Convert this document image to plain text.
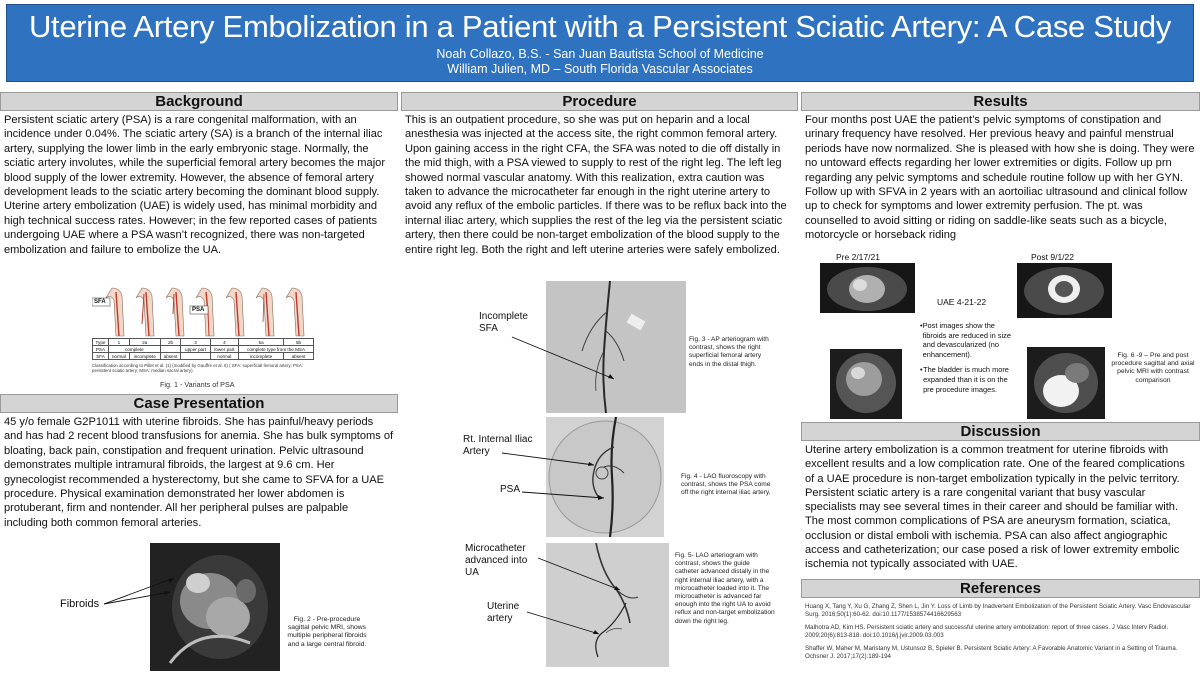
Uterine Artery Embolization in a Patient with a Persistent Sciatic Artery: A Case Study
Noah Collazo, B.S. - San Juan Bautista School of Medicine
William Julien, MD – South Florida Vascular Associates
Background
Persistent sciatic artery (PSA) is a rare congenital malformation, with an incidence under 0.04%. The sciatic artery (SA) is a branch of the internal iliac artery, supplying the lower limb in the early embryonic stage. Normally, the sciatic artery involutes, while the superficial femoral artery becomes the major blood supply of the lower extremity. However, the absence of femoral artery development leads to the sciatic artery becoming the dominant blood supply. Uterine artery embolization (UAE) is widely used, has minimal morbidity and high technical success rates. However; in the few reported cases of patients undergoing UAE where a PSA wasn’t recognized, there was non-targeted embolization and failure to embolize the UA.
SFA
PSA
Type	1	2a	2b	3	4	5a	5b
PSA	complete			upper part	lower part	complete type from the MSA	
SFA	normal	incomplete	absent		normal	incomplete	absent
Classification according to Pillet et al. (1) (modified by Gauffre et al. 5) ( SFA: superficial femoral artery; PSA: persistent sciatic artery; MSA: median sacral artery)
Fig. 1 - Variants of PSA
Case Presentation
45 y/o female G2P1011 with uterine fibroids. She has painful/heavy periods and has had 2 recent blood transfusions for anemia. She has bulk symptoms of bloating, back pain, constipation and frequent urination. Pelvic ultrasound demonstrates multiple intramural fibroids, the largest at 9.6 cm. Her gynecologist recommended a hysterectomy, but she came to SFVA for a UAE procedure. Physical examination demonstrated her lower abdomen is protuberant, firm and nontender. All her peripheral pulses are palpable including both common femoral arteries.
Fibroids
Fig. 2 - Pre-procedure sagittal pelvic MRI, shows multiple peripheral fibroids and a large central fibroid.
Procedure
This is an outpatient procedure, so she was put on heparin and a local anesthesia was injected at the access site, the right common femoral artery. Upon gaining access in the right CFA, the SFA was noted to die off distally in the mid thigh, with a PSA viewed to supply to rest of the right leg. The left leg showed normal vascular anatomy. With this realization, extra caution was taken to advance the microcatheter far enough in the right uterine artery to avoid any reflux of the embolic particles. If there was to be reflux back into the internal iliac artery, which supplies the rest of the leg via the persistent sciatic artery, then there could be non-target embolization of the blood supply to the entire right leg. Both the right and left uterine arteries were safely embolized.
Incomplete SFA
Fig. 3 - AP arteriogram with contrast, shows the right superficial femoral artery ends in the distal thigh.
Rt. Internal Iliac Artery
PSA
Fig. 4 - LAO fluoroscopy with contrast, shows the PSA come off the right internal iliac artery.
Microcatheter advanced into UA
Uterine artery
Fig. 5- LAO arteriogram with contrast, shows the guide catheter advanced distally in the right internal iliac artery, with a microcatheter loaded into it. The microcatheter is advanced far enough into the right UA to avoid reflux and non-target embolization down the right leg.
Results
Four months post UAE the patient’s pelvic symptoms of constipation and urinary frequency have resolved. Her previous heavy and painful menstrual periods have now normalized. She is pleased with how she is doing. They were no untoward effects regarding her lower extremities or digits. Follow up prn regarding any pelvic symptoms and schedule routine follow up with her GYN. Follow up with SFVA in 2 years with an aortoiliac ultrasound and clinical follow up to check for symptoms and lower extremity perfusion. The pt. was counselled to avoid sitting or riding on saddle-like seats such as a bicycle, motorcycle or horseback riding
Pre 2/17/21	Post 9/1/22
UAE 4-21-22
• Post images show the fibroids are reduced in size and devascularized (no enhancement).
• The bladder is much more expanded than it is on the pre procedure images.
Fig. 6 -9 – Pre and post procedure sagittal and axial pelvic MRI with contrast comparison
Discussion
Uterine artery embolization is a common treatment for uterine fibroids with excellent results and a low complication rate. One of the feared complications of a UAE procedure is non-target embolization typically in the pelvic territory. Persistent sciatic artery is a rare congenital variant that busy vascular specialists may see several times in their career and should be familiar with. The most common complications of PSA are aneurysm formation, sciatica, occlusion or distal emboli with ischemia. PSA can also affect angiographic access and catheterization; our case posed a risk of lower extremity embolic ischemia not typically associated with UAE.
References
Huang X, Tang Y, Xu G, Zhang Z, Shen L, Jin Y. Loss of Limb by Inadvertent Embolization of the Persistent Sciatic Artery. Vasc Endovascular Surg. 2016;50(1):60-62. doi:10.1177/1538574416629563
Malhotra AD, Kim HS. Persistent sciatic artery and successful uterine artery embolization: report of three cases. J Vasc Interv Radiol. 2009;20(6):813-818. doi:10.1016/j.jvir.2009.03.003
Shaffer W, Maher M, Maristany M, Ustunsoz B, Spieler B. Persistent Sciatic Artery: A Favorable Anatomic Variant in a Setting of Trauma. Ochsner J. 2017;17(2):189-194
